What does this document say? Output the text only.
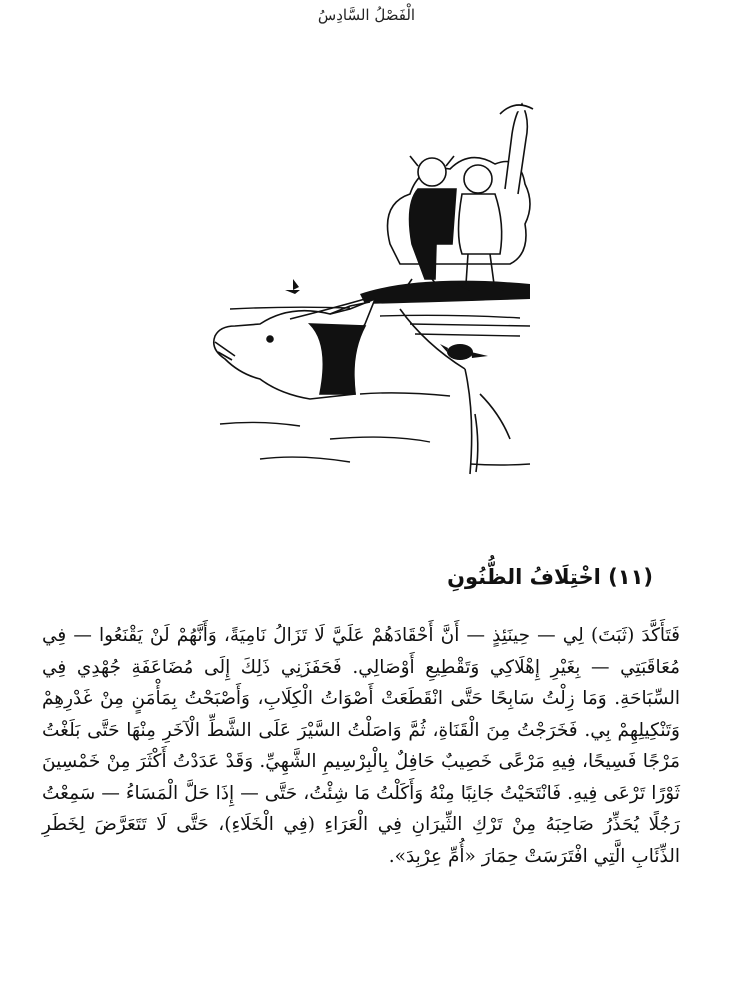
الْفَصْلُ السَّادِسُ
(١١) اخْتِلَافُ الظُّنُونِ

فَتَأَكَّدَ (ثَبَتَ) لِي — حِينَئِذٍ — أَنَّ أَحْقَادَهُمْ عَلَيَّ لَا تَزَالُ نَامِيَةً، وَأَنَّهُمْ لَنْ يَقْنَعُوا — فِي مُعَاقَبَتِي — بِغَيْرِ إِهْلَاكِي وَتَقْطِيعِ أَوْصَالِي. فَحَفَزَنِي ذَلِكَ إِلَى مُضَاعَفَةِ جُهْدِي فِي السِّبَاحَةِ. وَمَا زِلْتُ سَابِحًا حَتَّى انْقَطَعَتْ أَصْوَاتُ الْكِلَابِ، وَأَصْبَحْتُ بِمَأْمَنٍ مِنْ غَدْرِهِمْ وَتَنْكِيلِهِمْ بِي. فَخَرَجْتُ مِنَ الْقَنَاةِ، ثُمَّ وَاصَلْتُ السَّيْرَ عَلَى الشَّطِّ الْآخَرِ مِنْهَا حَتَّى بَلَغْتُ مَرْجًا فَسِيحًا، فِيهِ مَرْعًى خَصِيبٌ حَافِلٌ بِالْبِرْسِيمِ الشَّهِيِّ. وَقَدْ عَدَدْتُ أَكْثَرَ مِنْ خَمْسِينَ ثَوْرًا تَرْعَى فِيهِ. فَانْتَحَيْتُ جَانِبًا مِنْهُ وَأَكَلْتُ مَا شِئْتُ، حَتَّى — إِذَا حَلَّ الْمَسَاءُ — سَمِعْتُ رَجُلًا يُحَذِّرُ صَاحِبَهُ مِنْ تَرْكِ الثِّيرَانِ فِي الْعَرَاءِ (فِي الْخَلَاءِ)، حَتَّى لَا تَتَعَرَّضَ لِخَطَرِ الذِّئَابِ الَّتِي افْتَرَسَتْ حِمَارَ «أُمِّ عِرْبِدَ».
